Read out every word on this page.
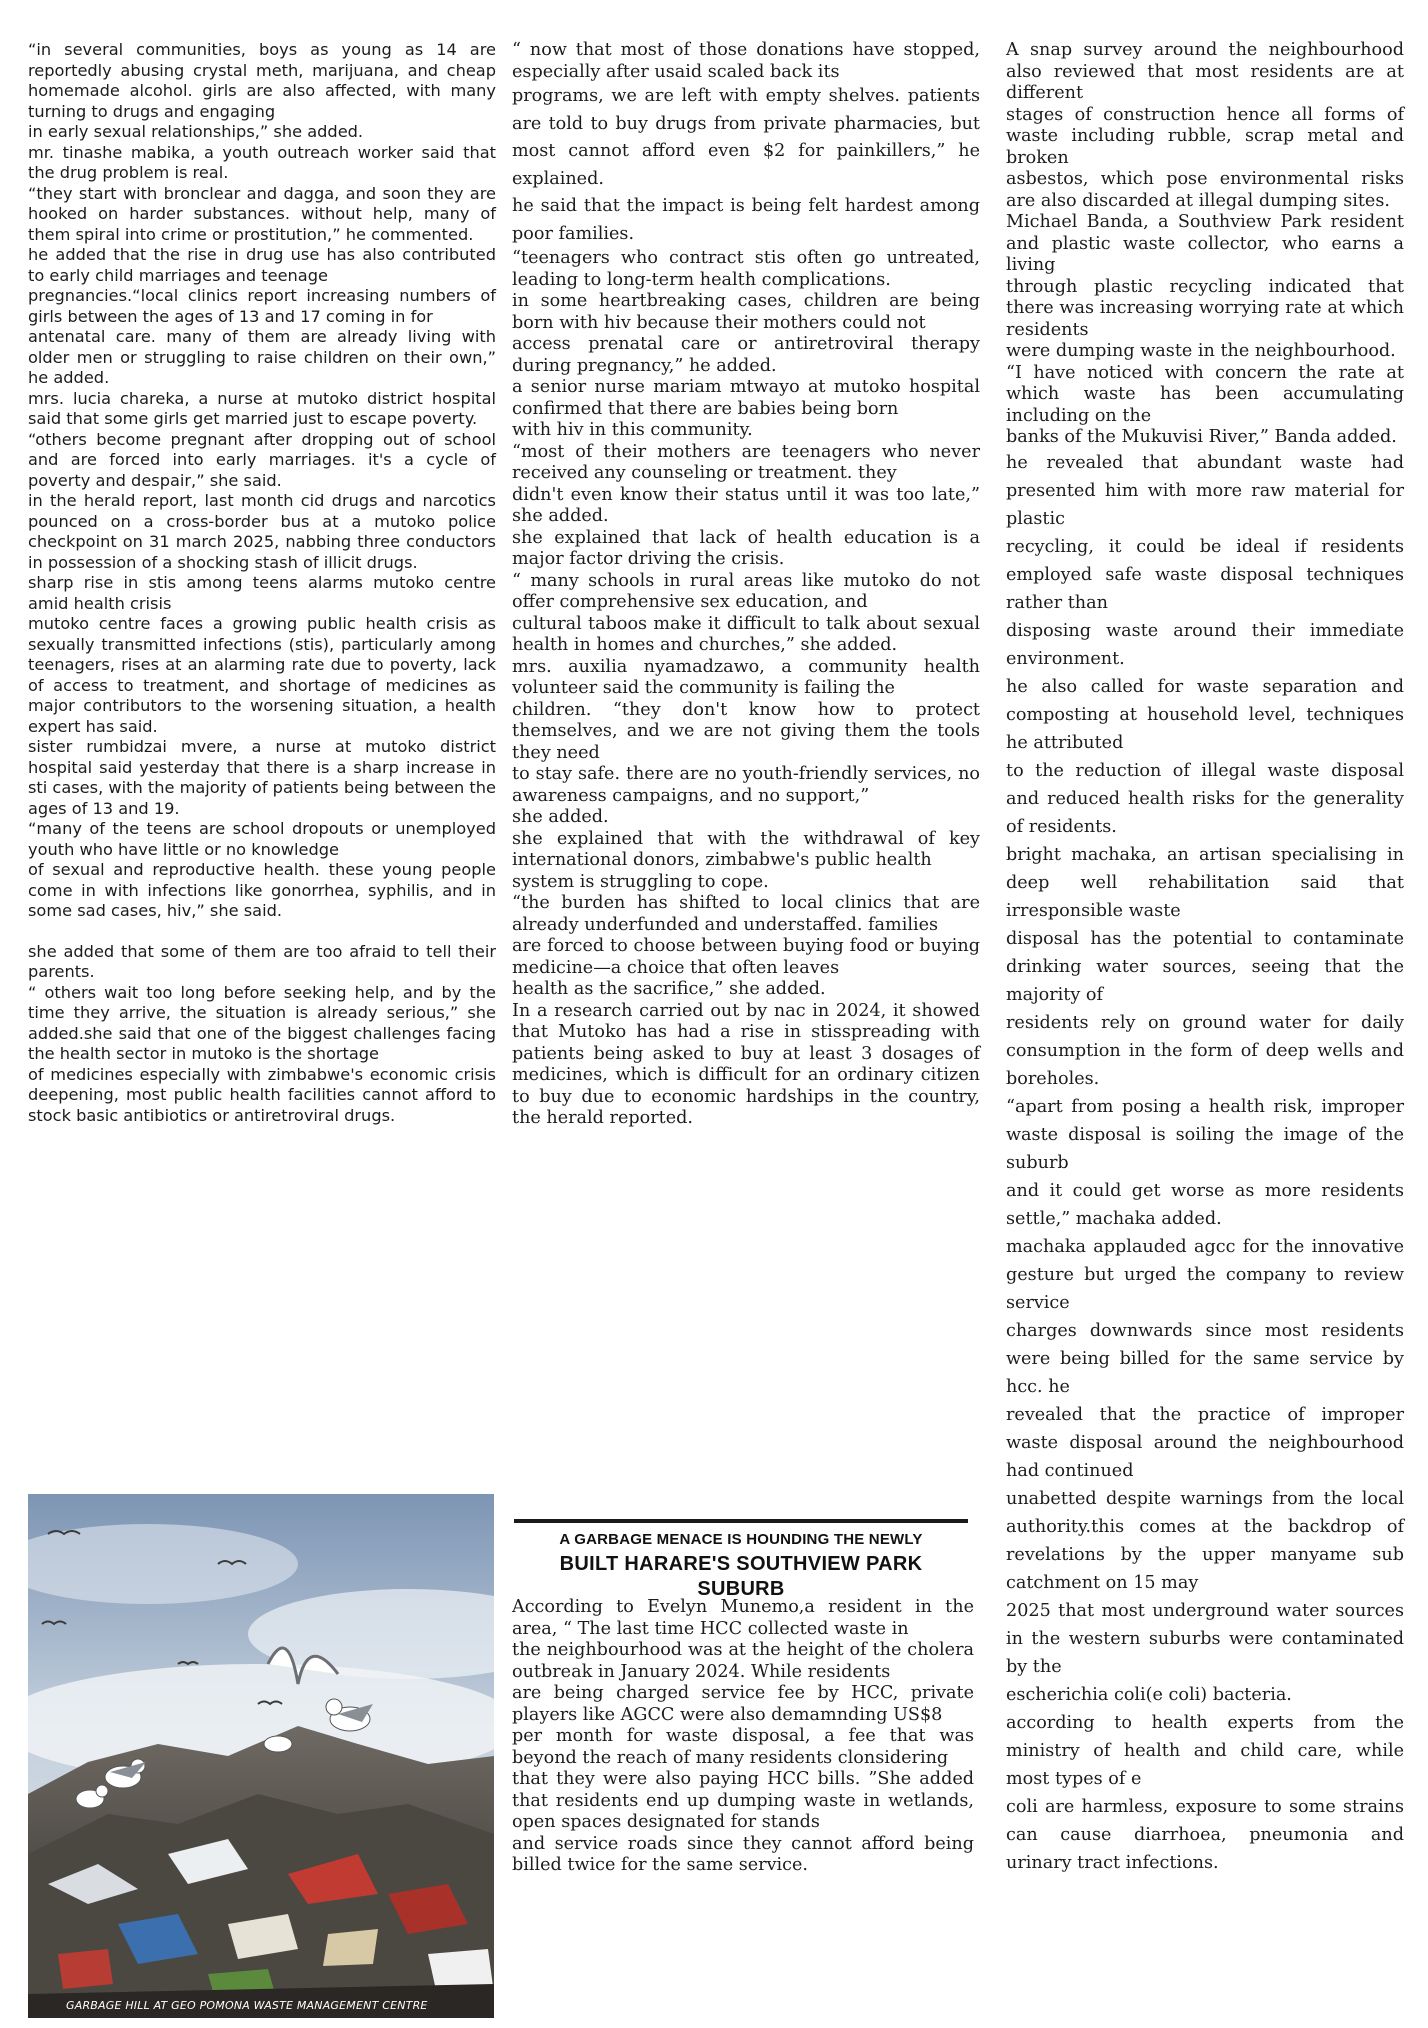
“in several communities, boys as young as 14 are reportedly abusing crystal meth, marijuana, and cheap homemade alcohol. girls are also affected, with many turning to drugs and engaging

in early sexual relationships,” she added.

mr. tinashe mabika, a youth outreach worker said that the drug problem is real.

“they start with bronclear and dagga, and soon they are hooked on harder substances. without help, many of them spiral into crime or prostitution,” he commented.

he added that the rise in drug use has also contributed to early child marriages and teenage

pregnancies.“local clinics report increasing numbers of girls between the ages of 13 and 17 coming in for

antenatal care. many of them are already living with older men or struggling to raise children on their own,” he added.

mrs. lucia chareka, a nurse at mutoko district hospital said that some girls get married just to escape poverty.

“others become pregnant after dropping out of school and are forced into early marriages. it's a cycle of poverty and despair,” she said.

in the herald report, last month cid drugs and narcotics pounced on a cross-border bus at a mutoko police checkpoint on 31 march 2025, nabbing three conductors in possession of a shocking stash of illicit drugs.

sharp rise in stis among teens alarms mutoko centre amid health crisis

mutoko centre faces a growing public health crisis as sexually transmitted infections (stis), particularly among teenagers, rises at an alarming rate due to poverty, lack of access to treatment, and shortage of medicines as major contributors to the worsening situation, a health expert has said.

sister rumbidzai mvere, a nurse at mutoko district hospital said yesterday that there is a sharp increase in sti cases, with the majority of patients being between the ages of 13 and 19.

“many of the teens are school dropouts or unemployed youth who have little or no knowledge

of sexual and reproductive health. these young people come in with infections like gonorrhea, syphilis, and in some sad cases, hiv,” she said.

she added that some of them are too afraid to tell their parents.

“ others wait too long before seeking help, and by the time they arrive, the situation is already serious,” she added.she said that one of the biggest challenges facing the health sector in mutoko is the shortage

of medicines especially with zimbabwe's economic crisis deepening, most public health facilities cannot afford to stock basic antibiotics or antiretroviral drugs.

GARBAGE HILL AT GEO POMONA WASTE MANAGEMENT CENTRE

“ now that most of those donations have stopped, especially after usaid scaled back its

programs, we are left with empty shelves. patients are told to buy drugs from private pharmacies, but most cannot afford even $2 for painkillers,” he explained.

he said that the impact is being felt hardest among poor families.

“teenagers who contract stis often go untreated, leading to long-term health complications.

in some heartbreaking cases, children are being born with hiv because their mothers could not

access prenatal care or antiretroviral therapy during pregnancy,” he added.

a senior nurse mariam mtwayo at mutoko hospital confirmed that there are babies being born

with hiv in this community.

“most of their mothers are teenagers who never received any counseling or treatment. they

didn't even know their status until it was too late,” she added.

she explained that lack of health education is a major factor driving the crisis.

“ many schools in rural areas like mutoko do not offer comprehensive sex education, and

cultural taboos make it difficult to talk about sexual health in homes and churches,” she added.

mrs. auxilia nyamadzawo, a community health volunteer said the community is failing the

children. “they don't know how to protect themselves, and we are not giving them the tools they need

to stay safe. there are no youth-friendly services, no awareness campaigns, and no support,”

she added.

she explained that with the withdrawal of key international donors, zimbabwe's public health

system is struggling to cope.

“the burden has shifted to local clinics that are already underfunded and understaffed. families

are forced to choose between buying food or buying medicine—a choice that often leaves

health as the sacrifice,” she added.

In a research carried out by nac in 2024, it showed that Mutoko has had a rise in stisspreading with patients being asked to buy at least 3 dosages of medicines, which is difficult for an ordinary citizen to buy due to economic hardships in the country, the herald reported.

A GARBAGE MENACE IS HOUNDING THE NEWLY
BUILT HARARE'S SOUTHVIEW PARK SUBURB

According to Evelyn Munemo,a resident in the area, “ The last time HCC collected waste in

the neighbourhood was at the height of the cholera outbreak in January 2024. While residents

are being charged service fee by HCC, private players like AGCC were also demamnding US$8

per month for waste disposal, a fee that was beyond the reach of many residents clonsidering

that they were also paying HCC bills. ”She added that residents end up dumping waste in wetlands, open spaces designated for stands

and service roads since they cannot afford being billed twice for the same service.

A snap survey around the neighbourhood also reviewed that most residents are at different

stages of construction hence all forms of waste including rubble, scrap metal and broken

asbestos, which pose environmental risks are also discarded at illegal dumping sites.

Michael Banda, a Southview Park resident and plastic waste collector, who earns a living

through plastic recycling indicated that there was increasing worrying rate at which residents

were dumping waste in the neighbourhood.

“I have noticed with concern the rate at which waste has been accumulating including on the

banks of the Mukuvisi River,” Banda added.

he revealed that abundant waste had presented him with more raw material for plastic

recycling, it could be ideal if residents employed safe waste disposal techniques rather than

disposing waste around their immediate environment.

he also called for waste separation and composting at household level, techniques he attributed

to the reduction of illegal waste disposal and reduced health risks for the generality of residents.

bright machaka, an artisan specialising in deep well rehabilitation said that irresponsible waste

disposal has the potential to contaminate drinking water sources, seeing that the majority of

residents rely on ground water for daily consumption in the form of deep wells and boreholes.

“apart from posing a health risk, improper waste disposal is soiling the image of the suburb

and it could get worse as more residents settle,” machaka added.

machaka applauded agcc for the innovative gesture but urged the company to review service

charges downwards since most residents were being billed for the same service by hcc. he

revealed that the practice of improper waste disposal around the neighbourhood had continued

unabetted despite warnings from the local authority.this comes at the backdrop of revelations by the upper manyame sub catchment on 15 may

2025 that most underground water sources in the western suburbs were contaminated by the

escherichia coli(e coli) bacteria.

according to health experts from the ministry of health and child care, while most types of e

coli are harmless, exposure to some strains can cause diarrhoea, pneumonia and urinary tract infections.
